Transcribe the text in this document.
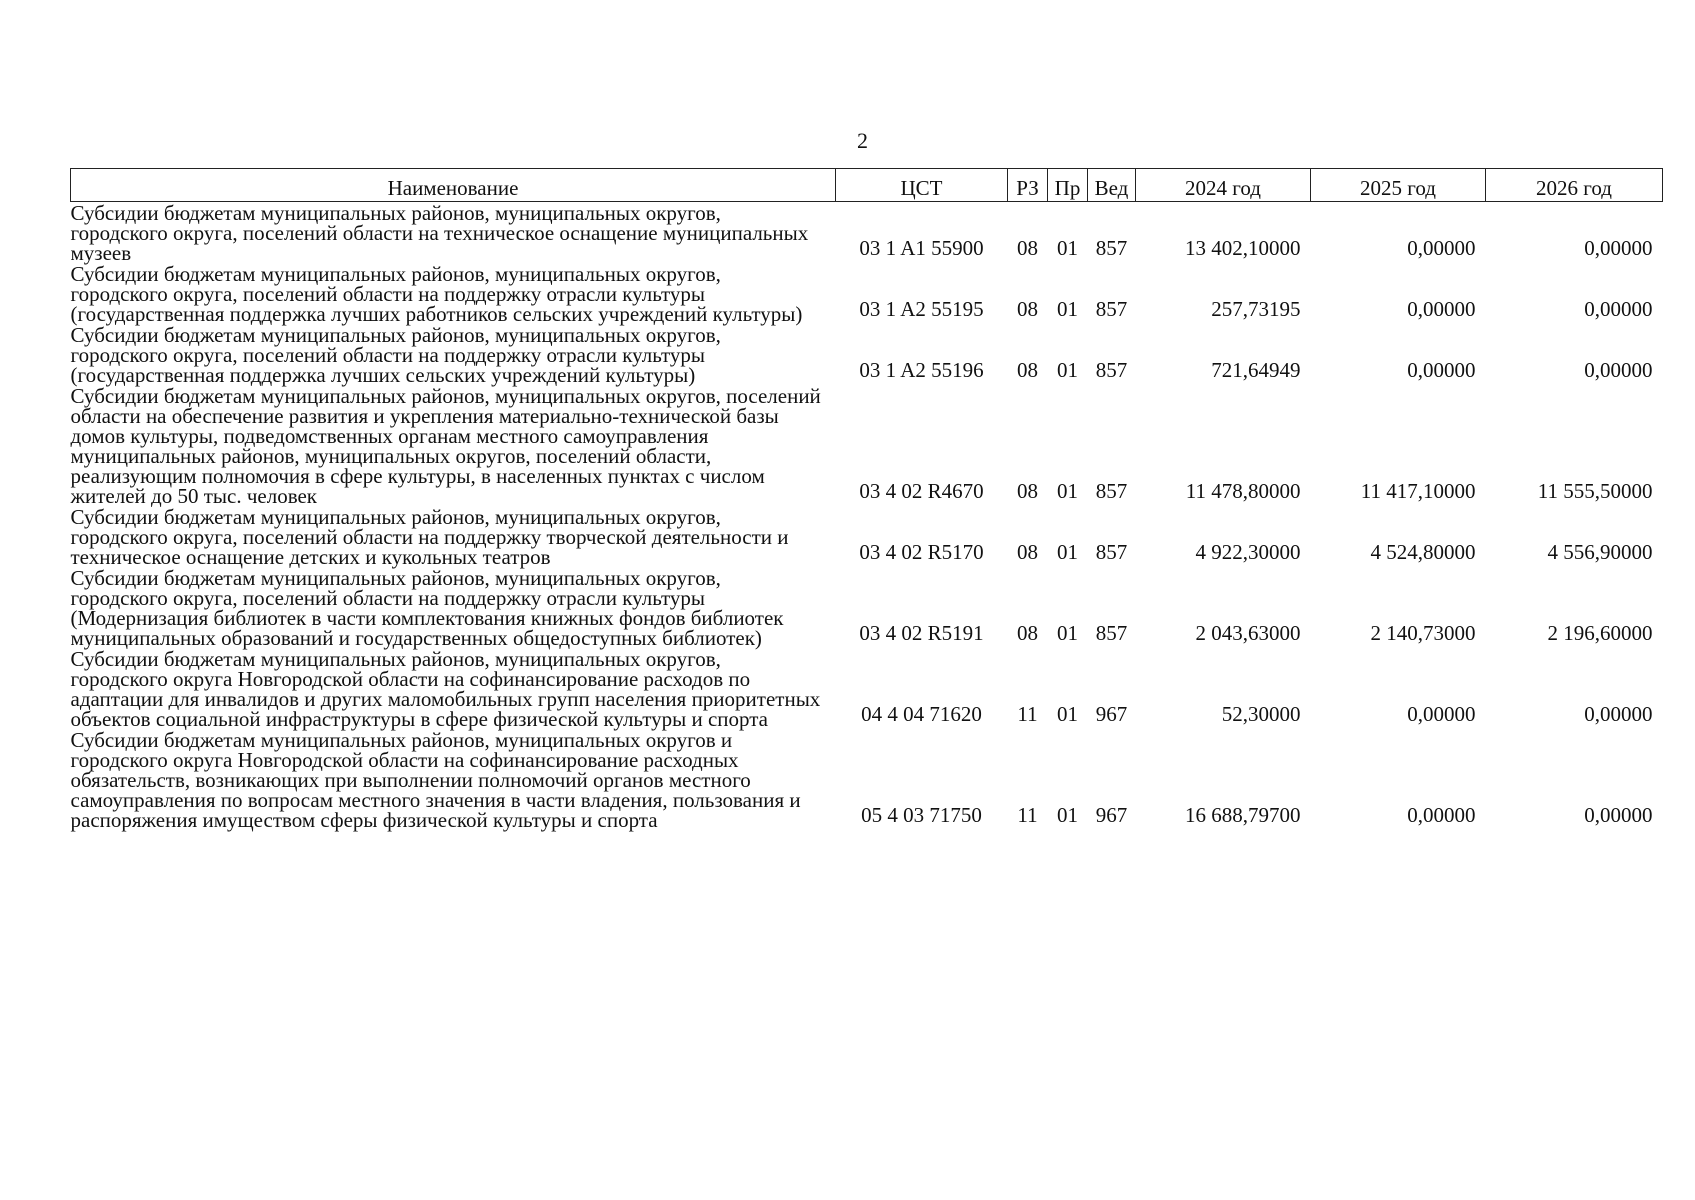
2
Наименование	ЦСТ	РЗ	Пр	Вед	2024 год	2025 год	2026 год
Субсидии бюджетам муниципальных районов, муниципальных округов, городского округа, поселений области на техническое оснащение муниципальных музеев	03 1 A1 55900	08	01	857	13 402,10000	0,00000	0,00000
Субсидии бюджетам муниципальных районов, муниципальных округов, городского округа, поселений области на поддержку отрасли культуры (государственная поддержка лучших работников сельских учреждений культуры)	03 1 A2 55195	08	01	857	257,73195	0,00000	0,00000
Субсидии бюджетам муниципальных районов, муниципальных округов, городского округа, поселений области на поддержку отрасли культуры (государственная поддержка лучших сельских учреждений культуры)	03 1 A2 55196	08	01	857	721,64949	0,00000	0,00000
Субсидии бюджетам муниципальных районов, муниципальных округов, поселений области на обеспечение развития и укрепления материально-технической базы домов культуры, подведомственных органам местного самоуправления муниципальных районов, муниципальных округов, поселений области, реализующим полномочия в сфере культуры, в населенных пунктах с числом жителей до 50 тыс. человек	03 4 02 R4670	08	01	857	11 478,80000	11 417,10000	11 555,50000
Субсидии бюджетам муниципальных районов, муниципальных округов, городского округа, поселений области на поддержку творческой деятельности и техническое оснащение детских и кукольных театров	03 4 02 R5170	08	01	857	4 922,30000	4 524,80000	4 556,90000
Субсидии бюджетам муниципальных районов, муниципальных округов, городского округа, поселений области на поддержку отрасли культуры (Модернизация библиотек в части комплектования книжных фондов библиотек муниципальных образований и государственных общедоступных библиотек)	03 4 02 R5191	08	01	857	2 043,63000	2 140,73000	2 196,60000
Субсидии бюджетам муниципальных районов, муниципальных округов, городского округа Новгородской области на софинансирование расходов по адаптации для инвалидов и других маломобильных групп населения приоритетных объектов социальной инфраструктуры в сфере физической культуры и спорта	04 4 04 71620	11	01	967	52,30000	0,00000	0,00000
Субсидии бюджетам муниципальных районов, муниципальных округов и городского округа Новгородской области на софинансирование расходных обязательств, возникающих при выполнении полномочий органов местного самоуправления по вопросам местного значения в части владения, пользования и распоряжения имуществом сферы физической культуры и спорта	05 4 03 71750	11	01	967	16 688,79700	0,00000	0,00000
